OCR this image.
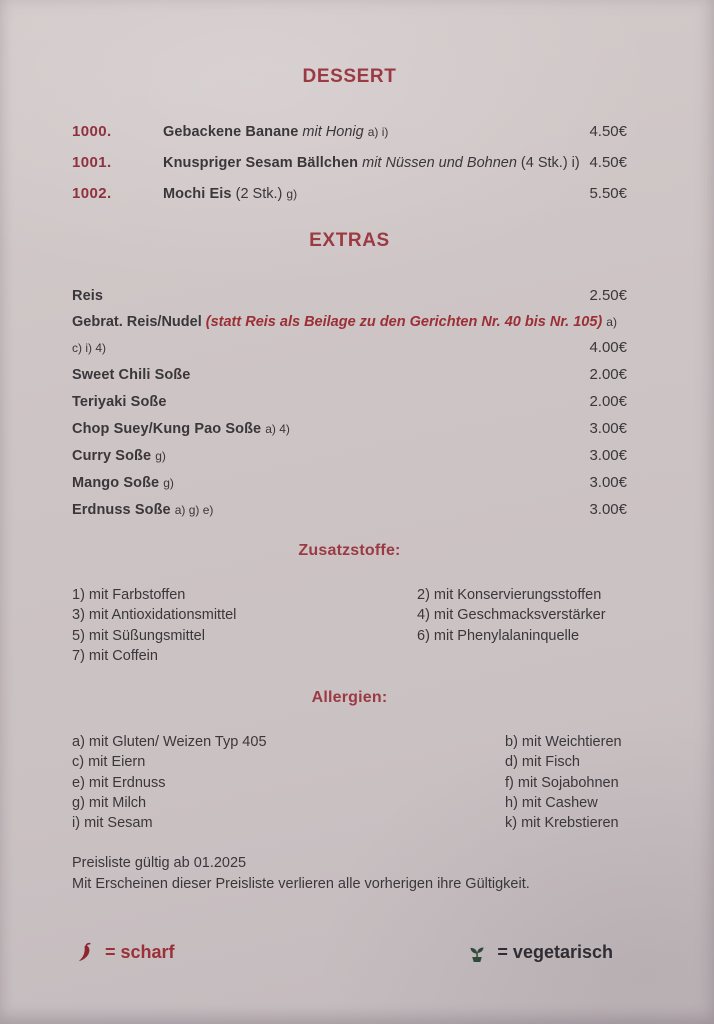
DESSERT
1000.	Gebackene Banane mit Honig a) i)	4.50€
1001.	Knuspriger Sesam Bällchen mit Nüssen und Bohnen (4 Stk.) i) 4.50€
1002.	Mochi Eis (2 Stk.) g)	5.50€
EXTRAS
Reis	2.50€
Gebrat. Reis/Nudel (statt Reis als Beilage zu den Gerichten Nr. 40 bis Nr. 105) a)
c) i) 4)	4.00€
Sweet Chili Soße	2.00€
Teriyaki Soße	2.00€
Chop Suey/Kung Pao Soße a) 4)	3.00€
Curry Soße g)	3.00€
Mango Soße g)	3.00€
Erdnuss Soße a) g) e)	3.00€
Zusatzstoffe:
1) mit Farbstoffen
3) mit Antioxidationsmittel
5) mit Süßungsmittel
7) mit Coffein
2) mit Konservierungsstoffen
4) mit Geschmacksverstärker
6) mit Phenylalaninquelle
Allergien:
a) mit Gluten/ Weizen Typ 405
c) mit Eiern
e) mit Erdnuss
g) mit Milch
i) mit Sesam
b) mit Weichtieren
d) mit Fisch
f) mit Sojabohnen
h) mit Cashew
k) mit Krebstieren
Preisliste gültig ab 01.2025
Mit Erscheinen dieser Preisliste verlieren alle vorherigen ihre Gültigkeit.
= scharf	= vegetarisch
